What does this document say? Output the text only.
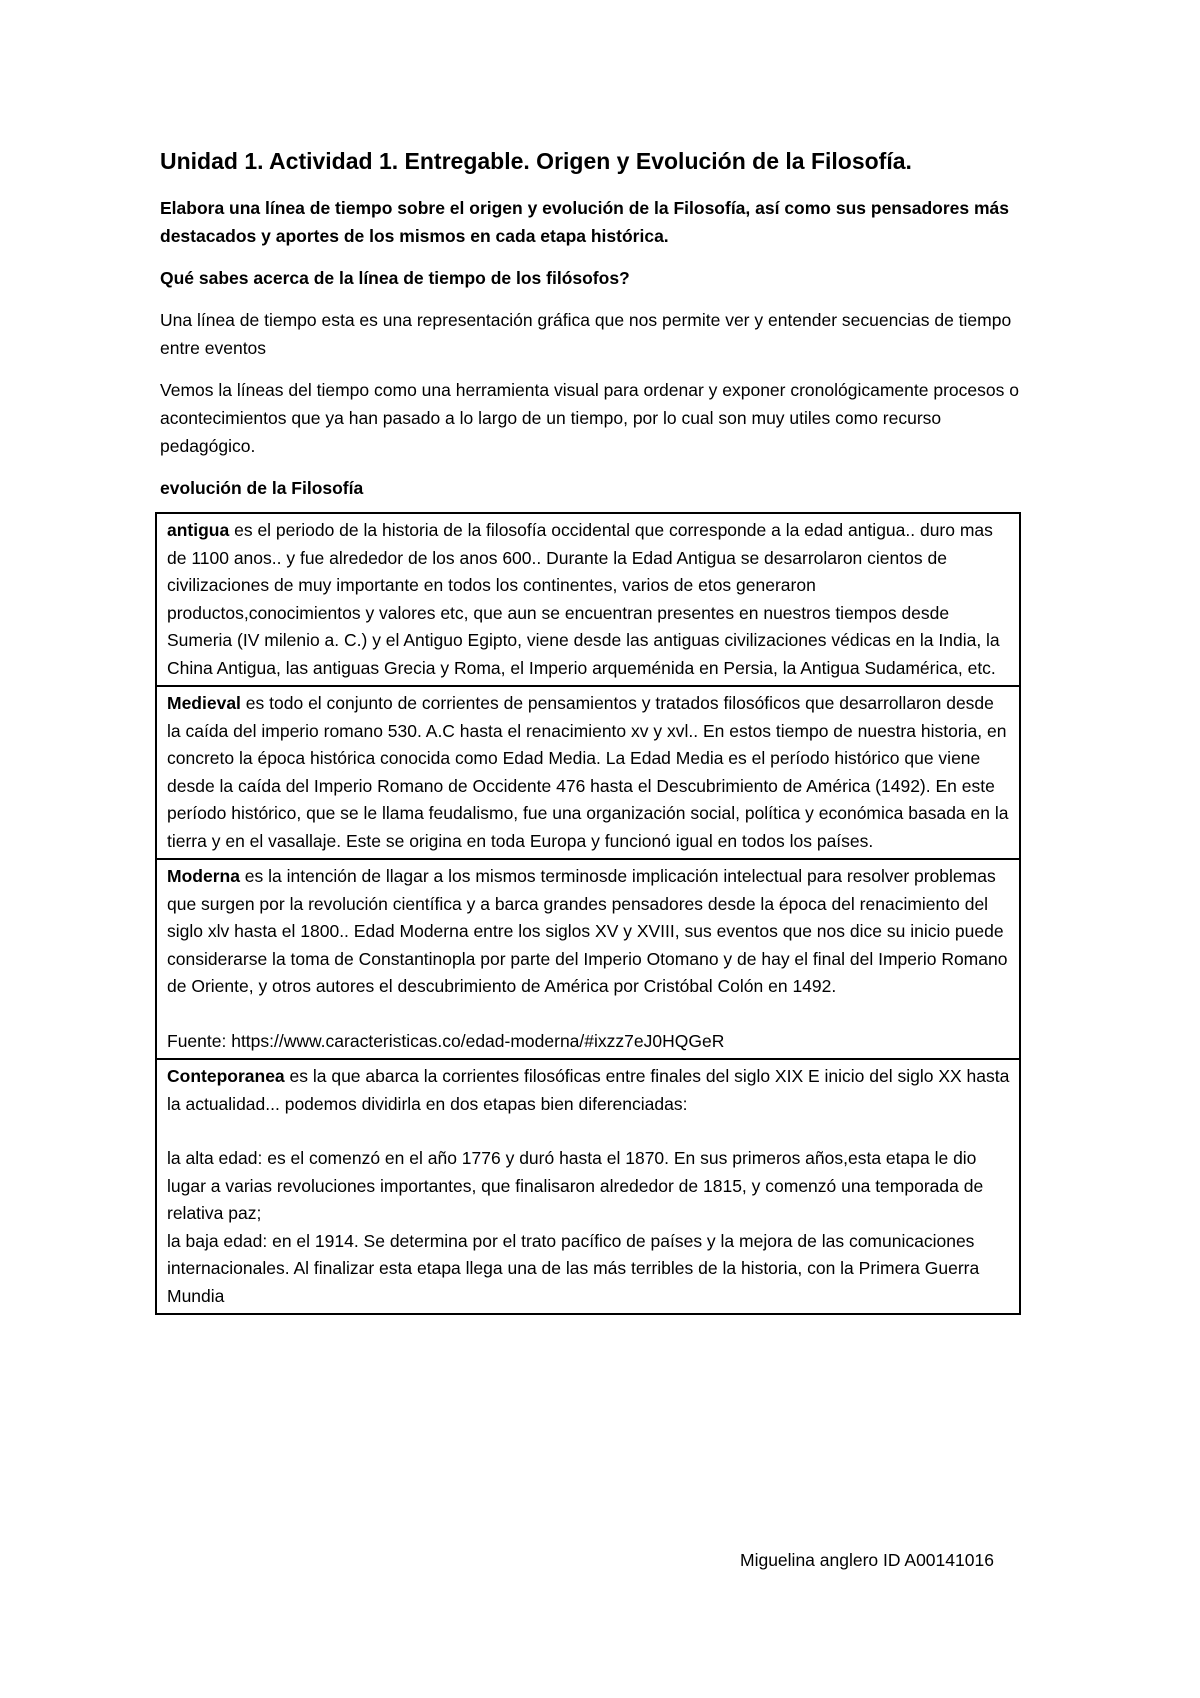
Unidad 1. Actividad 1. Entregable. Origen y Evolución de la Filosofía.
Elabora una línea de tiempo sobre el origen y evolución de la Filosofía, así como sus pensadores más destacados y aportes de los mismos en cada etapa histórica.
Qué sabes acerca de la línea de tiempo de los filósofos?
Una línea de tiempo esta es una representación gráfica que nos permite ver y entender secuencias de tiempo entre eventos
Vemos la líneas del tiempo como una herramienta visual para ordenar y exponer cronológicamente procesos o acontecimientos que ya han pasado a lo largo de un tiempo, por lo cual son muy utiles como recurso pedagógico.
evolución de la Filosofía
antigua es el periodo de la historia de la filosofía occidental que corresponde a la edad antigua.. duro mas de 1100 anos.. y fue alrededor de los anos 600.. Durante la Edad Antigua se desarrolaron cientos de civilizaciones de muy importante en todos los continentes, varios de etos generaron productos,conocimientos y valores etc, que aun se encuentran presentes en nuestros tiempos desde Sumeria (IV milenio a. C.) y el Antiguo Egipto, viene desde las antiguas civilizaciones védicas en la India, la China Antigua, las antiguas Grecia y Roma, el Imperio arqueménida en Persia, la Antigua Sudamérica, etc.
Medieval es todo el conjunto de corrientes de pensamientos y tratados filosóficos que desarrollaron desde la caída del imperio romano 530. A.C hasta el renacimiento xv y xvl.. En estos tiempo de nuestra historia, en concreto la época histórica conocida como Edad Media. La Edad Media es el período histórico que viene desde la caída del Imperio Romano de Occidente 476 hasta el Descubrimiento de América (1492). En este período histórico, que se le llama feudalismo, fue una organización social, política y económica basada en la tierra y en el vasallaje. Este se origina en toda Europa y funcionó igual en todos los países.
Moderna es la intención de llagar a los mismos terminosde implicación intelectual para resolver problemas que surgen por la revolución científica y a barca grandes pensadores desde la época del renacimiento del siglo xlv hasta el 1800.. Edad Moderna entre los siglos XV y XVIII, sus eventos que nos dice su inicio puede considerarse la toma de Constantinopla por parte del Imperio Otomano y de hay el final del Imperio Romano de Oriente, y otros autores el descubrimiento de América por Cristóbal Colón en 1492.
Fuente: https://www.caracteristicas.co/edad-moderna/#ixzz7eJ0HQGeR

Conteporanea es la que abarca la corrientes filosóficas entre finales del siglo XIX E inicio del siglo XX hasta la actualidad... podemos dividirla en dos etapas bien diferenciadas:
la alta edad: es el comenzó en el año 1776 y duró hasta el 1870. En sus primeros años,esta etapa le dio lugar a varias revoluciones importantes, que finalisaron alrededor de 1815, y comenzó una temporada de relativa paz;
la baja edad: en el 1914. Se determina por el trato pacífico de países y la mejora de las comunicaciones internacionales. Al finalizar esta etapa llega una de las más terribles de la historia, con la Primera Guerra Mundia
Miguelina anglero ID A00141016
